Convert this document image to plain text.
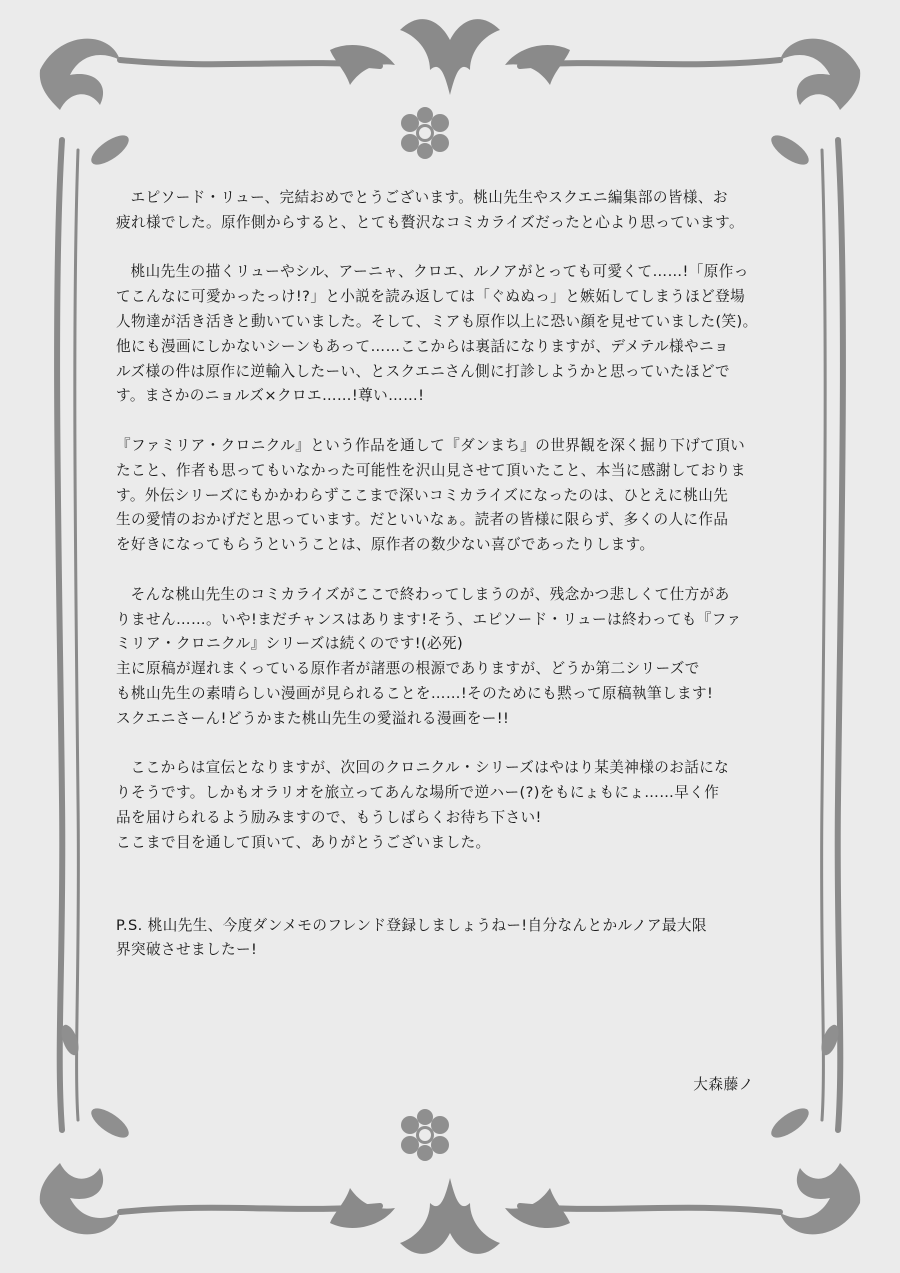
エピソード・リュー、完結おめでとうございます。桃山先生やスクエニ編集部の皆様、お
疲れ様でした。原作側からすると、とても贅沢なコミカライズだったと心より思っています。

桃山先生の描くリューやシル、アーニャ、クロエ、ルノアがとっても可愛くて……!「原作っ
てこんなに可愛かったっけ!?」と小説を読み返しては「ぐぬぬっ」と嫉妬してしまうほど登場
人物達が活き活きと動いていました。そして、ミアも原作以上に恐い顔を見せていました(笑)。
他にも漫画にしかないシーンもあって……ここからは裏話になりますが、デメテル様やニョ
ルズ様の件は原作に逆輸入したーい、とスクエニさん側に打診しようかと思っていたほどで
す。まさかのニョルズ×クロエ……!尊い……!

『ファミリア・クロニクル』という作品を通して『ダンまち』の世界観を深く掘り下げて頂い
たこと、作者も思ってもいなかった可能性を沢山見させて頂いたこと、本当に感謝しておりま
す。外伝シリーズにもかかわらずここまで深いコミカライズになったのは、ひとえに桃山先
生の愛情のおかげだと思っています。だといいなぁ。読者の皆様に限らず、多くの人に作品
を好きになってもらうということは、原作者の数少ない喜びであったりします。

そんな桃山先生のコミカライズがここで終わってしまうのが、残念かつ悲しくて仕方があ
りません……。いや!まだチャンスはあります!そう、エピソード・リューは終わっても『ファ
ミリア・クロニクル』シリーズは続くのです!(必死)
主に原稿が遅れまくっている原作者が諸悪の根源でありますが、どうか第二シリーズで
も桃山先生の素晴らしい漫画が見られることを……!そのためにも黙って原稿執筆します!
スクエニさーん!どうかまた桃山先生の愛溢れる漫画をー!!

ここからは宣伝となりますが、次回のクロニクル・シリーズはやはり某美神様のお話にな
りそうです。しかもオラリオを旅立ってあんな場所で逆ハー(?)をもにょもにょ……早く作
品を届けられるよう励みますので、もうしばらくお待ち下さい!
ここまで目を通して頂いて、ありがとうございました。

P.S. 桃山先生、今度ダンメモのフレンド登録しましょうねー!自分なんとかルノア最大限
界突破させましたー!

大森藤ノ
